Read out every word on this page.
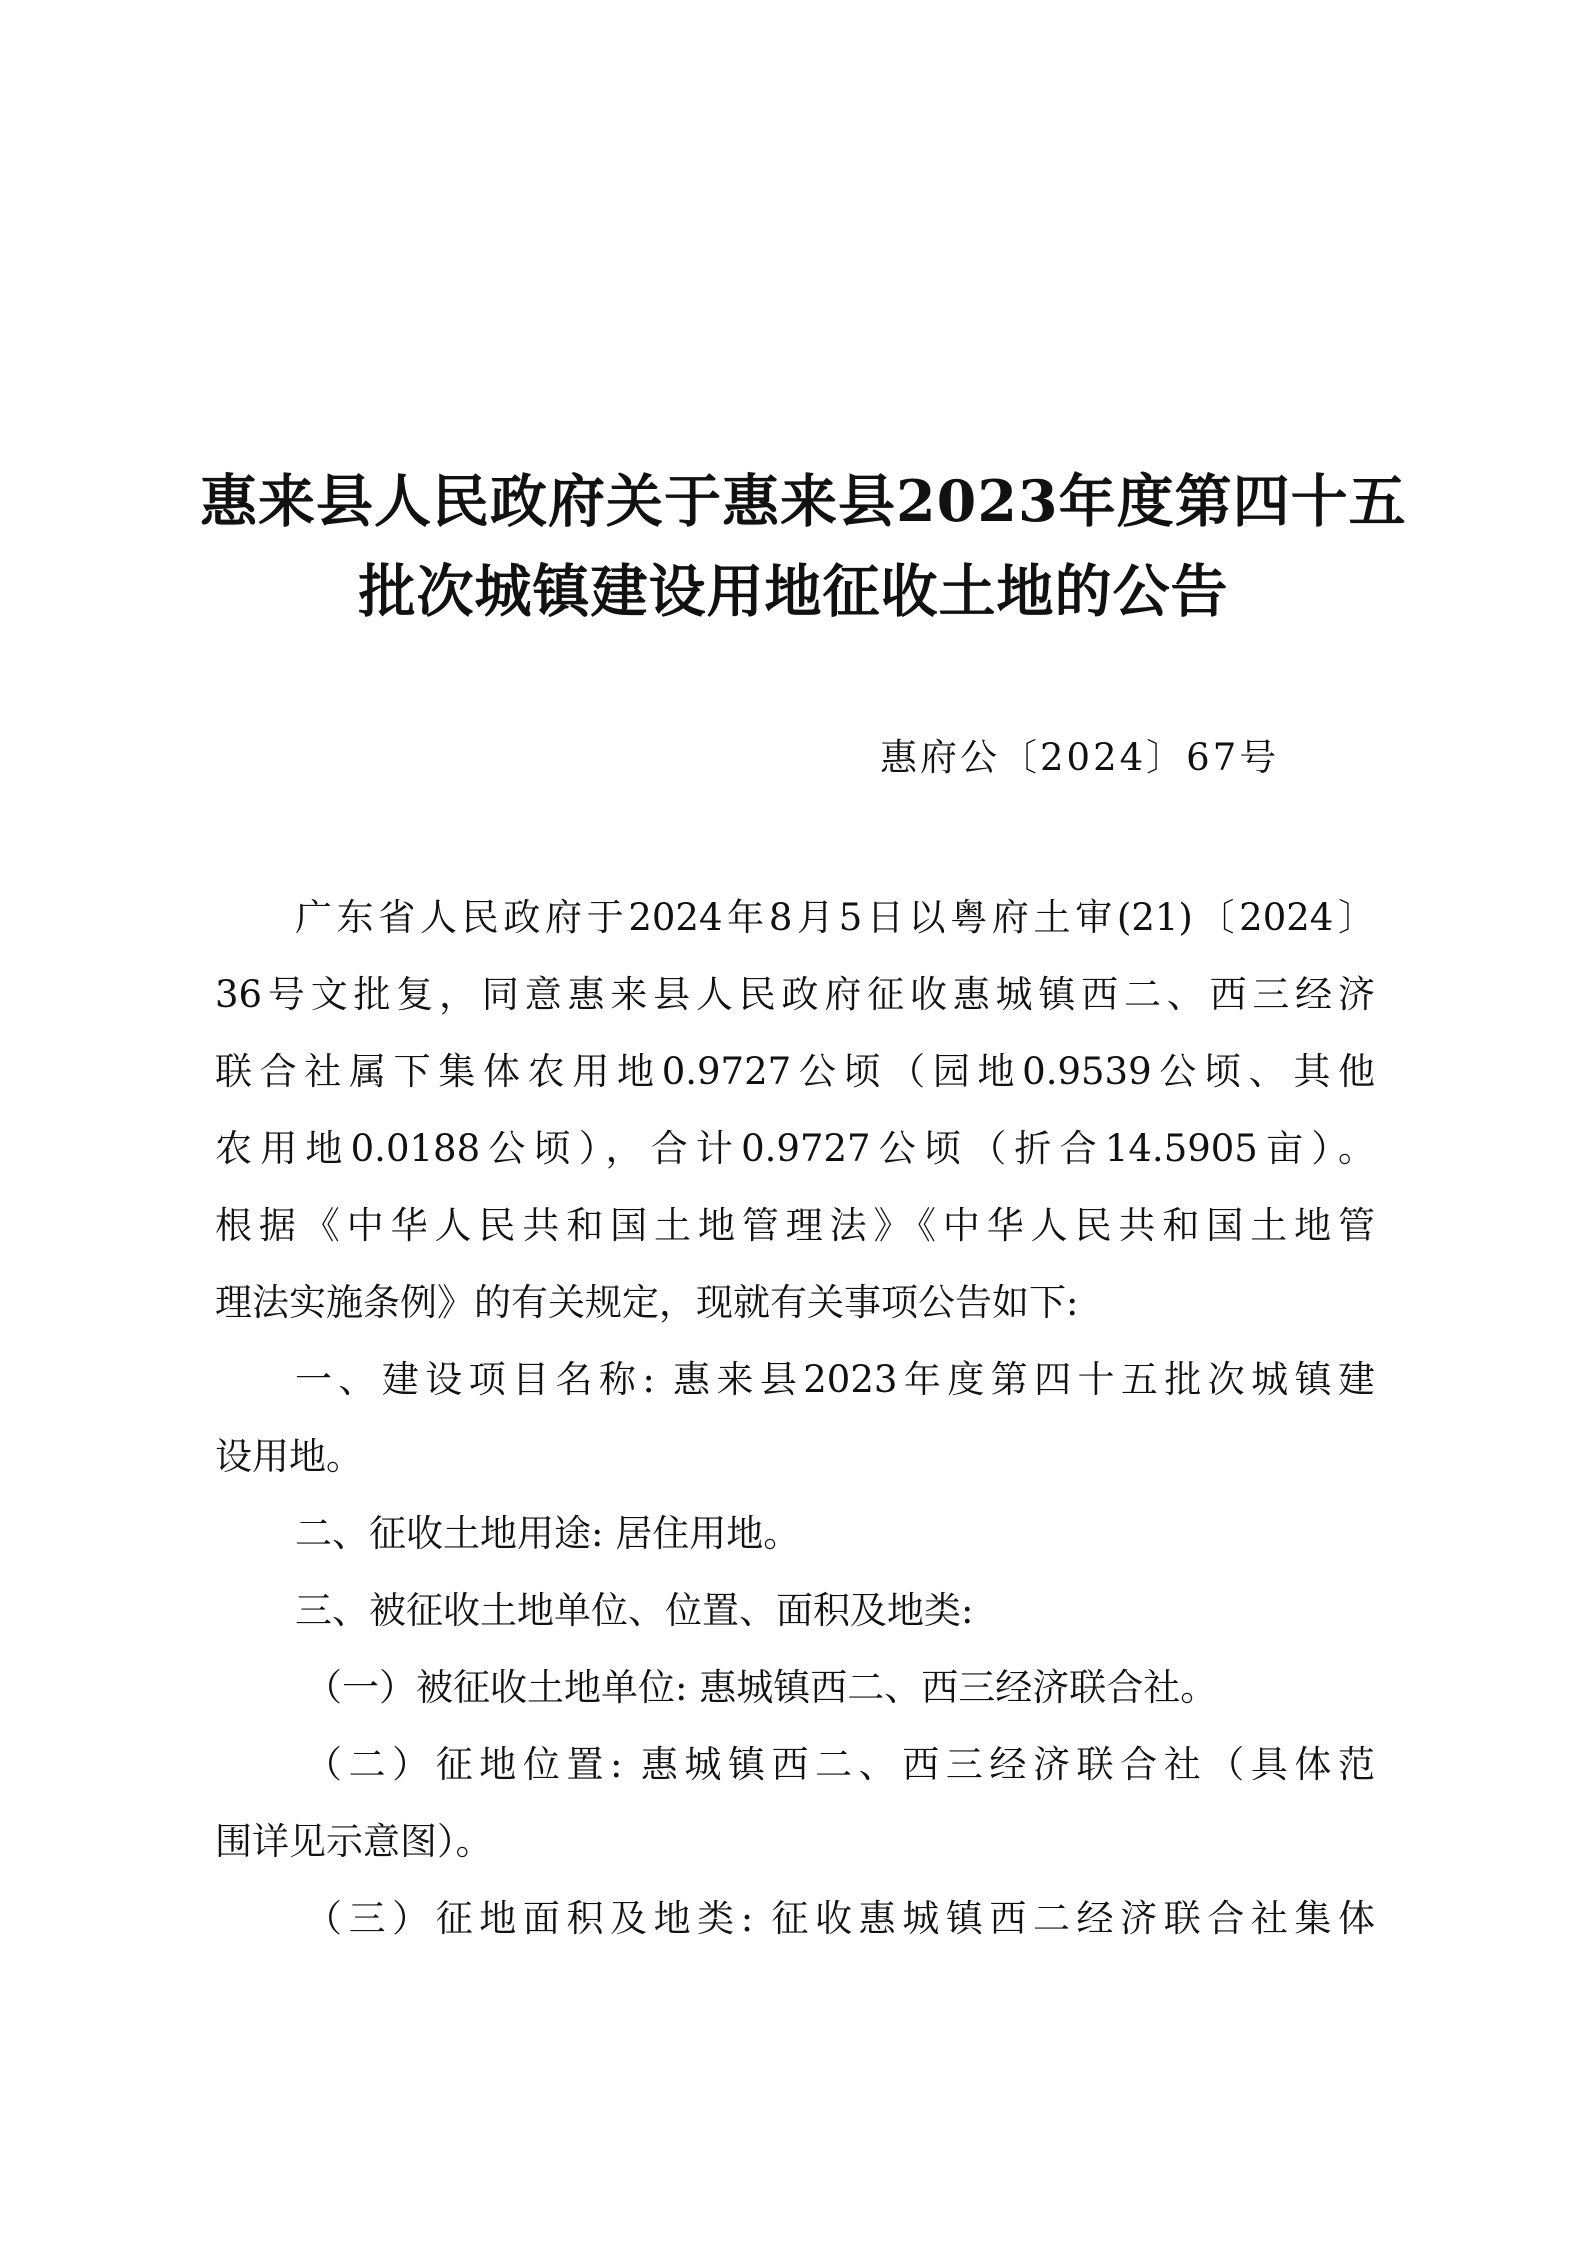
惠来县人民政府关于惠来县2023年度第四十五
批次城镇建设用地征收土地的公告
惠府公〔2024〕67号
广东省人民政府于2024年8月5日以粤府土审(21)〔2024〕
36号文批复，同意惠来县人民政府征收惠城镇西二、西三经济
联合社属下集体农用地0.9727公顷（园地0.9539公顷、其他
农用地0.0188公顷），合计0.9727公顷（折合14.5905亩）。
根据《中华人民共和国土地管理法》《中华人民共和国土地管
理法实施条例》的有关规定，现就有关事项公告如下:
一、建设项目名称: 惠来县2023年度第四十五批次城镇建
设用地。
二、征收土地用途: 居住用地。
三、被征收土地单位、位置、面积及地类:
（一）被征收土地单位: 惠城镇西二、西三经济联合社。
（二）征地位置: 惠城镇西二、西三经济联合社（具体范
围详见示意图）。
（三）征地面积及地类: 征收惠城镇西二经济联合社集体
